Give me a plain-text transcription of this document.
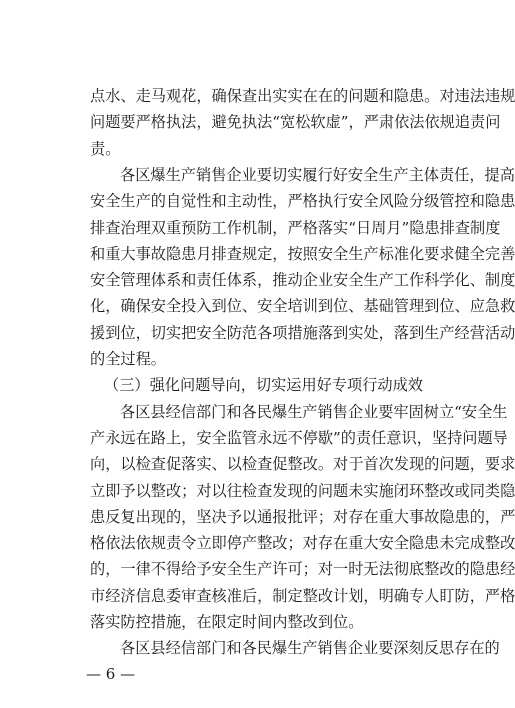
点水、走马观花，确保查出实实在在的问题和隐患。对违法违规
问题要严格执法，避免执法“宽松软虚”，严肃依法依规追责问
责。
各区爆生产销售企业要切实履行好安全生产主体责任，提高
安全生产的自觉性和主动性，严格执行安全风险分级管控和隐患
排查治理双重预防工作机制，严格落实“日周月”隐患排查制度
和重大事故隐患月排查规定，按照安全生产标准化要求健全完善
安全管理体系和责任体系，推动企业安全生产工作科学化、制度
化，确保安全投入到位、安全培训到位、基础管理到位、应急救
援到位，切实把安全防范各项措施落到实处，落到生产经营活动
的全过程。
（三）强化问题导向，切实运用好专项行动成效
各区县经信部门和各民爆生产销售企业要牢固树立“安全生
产永远在路上，安全监管永远不停歇”的责任意识，坚持问题导
向，以检查促落实、以检查促整改。对于首次发现的问题，要求
立即予以整改；对以往检查发现的问题未实施闭环整改或同类隐
患反复出现的，坚决予以通报批评；对存在重大事故隐患的，严
格依法依规责令立即停产整改；对存在重大安全隐患未完成整改
的，一律不得给予安全生产许可；对一时无法彻底整改的隐患经
市经济信息委审查核准后，制定整改计划，明确专人盯防，严格
落实防控措施，在限定时间内整改到位。
各区县经信部门和各民爆生产销售企业要深刻反思存在的
— 6 —
